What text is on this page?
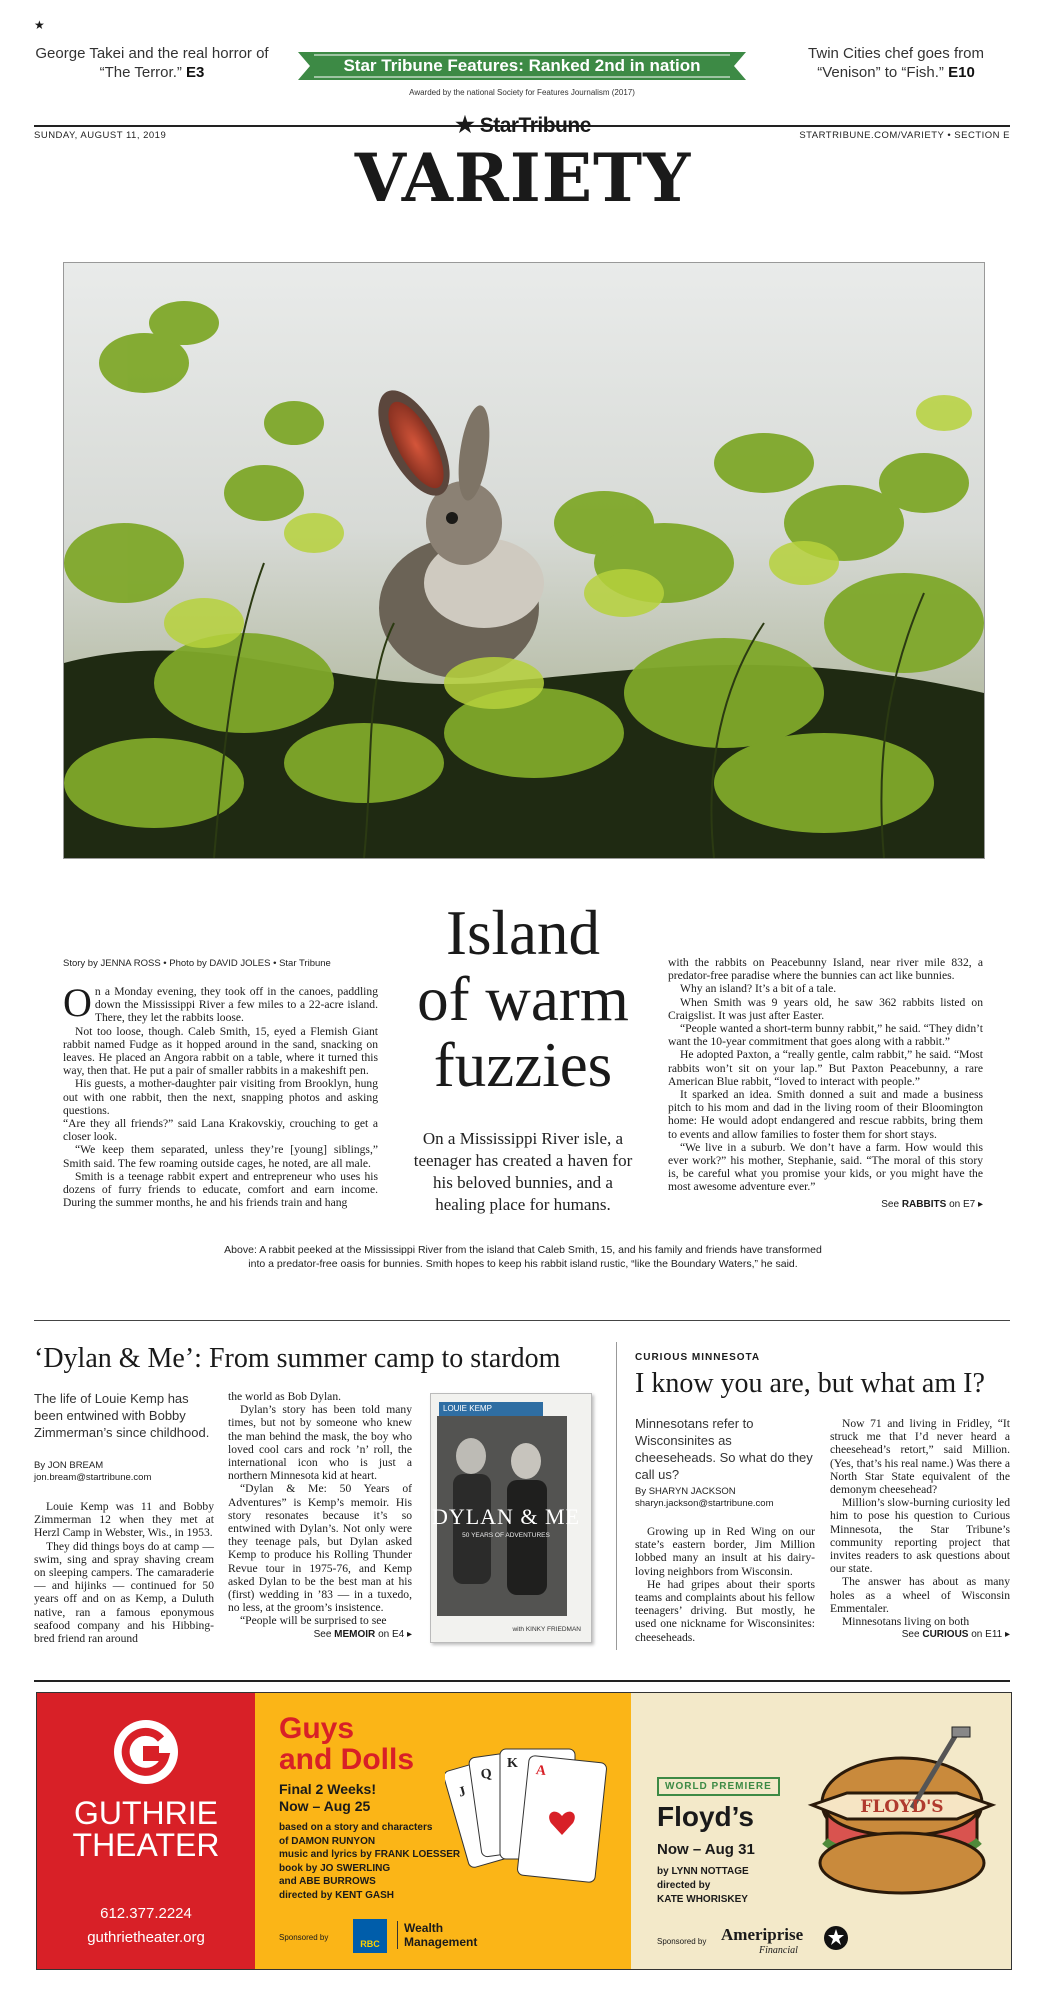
★
George Takei and the real horror of “The Terror.” E3	Star Tribune Features: Ranked 2nd in nation
Awarded by the national Society for Features Journalism (2017)
Twin Cities chef goes from “Venison” to “Fish.” E10
SUNDAY, AUGUST 11, 2019	STARTRIBUNE.COM/VARIETY • SECTION E
★ StarTribune
VARIETY
Story by JENNA ROSS • Photo by DAVID JOLES • Star Tribune

On a Monday evening, they took off in the canoes, paddling down the Mississippi River a few miles to a 22-acre island. There, they let the rabbits loose.

Not too loose, though. Caleb Smith, 15, eyed a Flemish Giant rabbit named Fudge as it hopped around in the sand, snacking on leaves. He placed an Angora rabbit on a table, where it turned this way, then that. He put a pair of smaller rabbits in a makeshift pen.

His guests, a mother-daughter pair visiting from Brooklyn, hung out with one rabbit, then the next, snapping photos and asking questions.

“Are they all friends?” said Lana Krakovskiy, crouching to get a closer look.

“We keep them separated, unless they’re [young] siblings,” Smith said. The few roaming outside cages, he noted, are all male.

Smith is a teenage rabbit expert and entrepreneur who uses his dozens of furry friends to educate, comfort and earn income. During the summer months, he and his friends train and hang

Island
of warm
fuzzies
On a Mississippi River isle, a teenager has created a haven for his beloved bunnies, and a healing place for humans.

with the rabbits on Peacebunny Island, near river mile 832, a predator-free paradise where the bunnies can act like bunnies.

Why an island? It’s a bit of a tale.

When Smith was 9 years old, he saw 362 rabbits listed on Craigslist. It was just after Easter.

“People wanted a short-term bunny rabbit,” he said. “They didn’t want the 10-year commitment that goes along with a rabbit.”

He adopted Paxton, a “really gentle, calm rabbit,” he said. “Most rabbits won’t sit on your lap.” But Paxton Peacebunny, a rare American Blue rabbit, “loved to interact with people.”

It sparked an idea. Smith donned a suit and made a business pitch to his mom and dad in the living room of their Bloomington home: He would adopt endangered and rescue rabbits, bring them to events and allow families to foster them for short stays.

“We live in a suburb. We don’t have a farm. How would this ever work?” his mother, Stephanie, said. “The moral of this story is, be careful what you promise your kids, or you might have the most awesome adventure ever.”

See RABBITS on E7 ▸
Above: A rabbit peeked at the Mississippi River from the island that Caleb Smith, 15, and his family and friends have transformed
into a predator-free oasis for bunnies. Smith hopes to keep his rabbit island rustic, “like the Boundary Waters,” he said.
‘Dylan & Me’: From summer camp to stardom
The life of Louie Kemp has been entwined with Bobby Zimmerman’s since childhood.
By JON BREAM
jon.bream@startribune.com

Louie Kemp was 11 and Bobby Zimmerman 12 when they met at Herzl Camp in Webster, Wis., in 1953.

They did things boys do at camp — swim, sing and spray shaving cream on sleeping campers. The camaraderie — and hijinks — continued for 50 years off and on as Kemp, a Duluth native, ran a famous eponymous seafood company and his Hibbing-bred friend ran around

the world as Bob Dylan.

Dylan’s story has been told many times, but not by someone who knew the man behind the mask, the boy who loved cool cars and rock ’n’ roll, the international icon who is just a northern Minnesota kid at heart.

“Dylan & Me: 50 Years of Adventures” is Kemp’s memoir. His story resonates because it’s so entwined with Dylan’s. Not only were they teenage pals, but Dylan asked Kemp to produce his Rolling Thunder Revue tour in 1975-76, and Kemp asked Dylan to be the best man at his (first) wedding in ’83 — in a tuxedo, no less, at the groom’s insistence.

“People will be surprised to see

See MEMOIR on E4 ▸
LOUIE KEMP
DYLAN & ME
50 YEARS OF ADVENTURES
with KINKY FRIEDMAN
CURIOUS MINNESOTA
I know you are, but what am I?
Minnesotans refer to Wisconsinites as cheeseheads. So what do they call us?
By SHARYN JACKSON
sharyn.jackson@startribune.com

Growing up in Red Wing on our state’s eastern border, Jim Million lobbed many an insult at his dairy-loving neighbors from Wisconsin.

He had gripes about their sports teams and complaints about his fellow teenagers’ driving. But mostly, he used one nickname for Wisconsinites: cheeseheads.

Now 71 and living in Fridley, “It struck me that I’d never heard a cheesehead’s retort,” said Million. (Yes, that’s his real name.) Was there a North Star State equivalent of the demonym cheesehead?

Million’s slow-burning curiosity led him to pose his question to Curious Minnesota, the Star Tribune’s community reporting project that invites readers to ask questions about our state.

The answer has about as many holes as a wheel of Wisconsin Emmentaler.

Minnesotans living on both

See CURIOUS on E11 ▸
GUTHRIE
THEATER
612.377.2224
guthrietheater.org
Guys
and Dolls
Final 2 Weeks!
Now – Aug 25
based on a story and characters
of DAMON RUNYON
music and lyrics by FRANK LOESSER
book by JO SWERLING
and ABE BURROWS
directed by KENT GASH
J
Q
K A
Sponsored by
RBC
Wealth
Management
WORLD PREMIERE
Floyd’s
Now – Aug 31
by LYNN NOTTAGE
directed by
KATE WHORISKEY
FLOYD'S
Sponsored by Ameriprise
Financial
